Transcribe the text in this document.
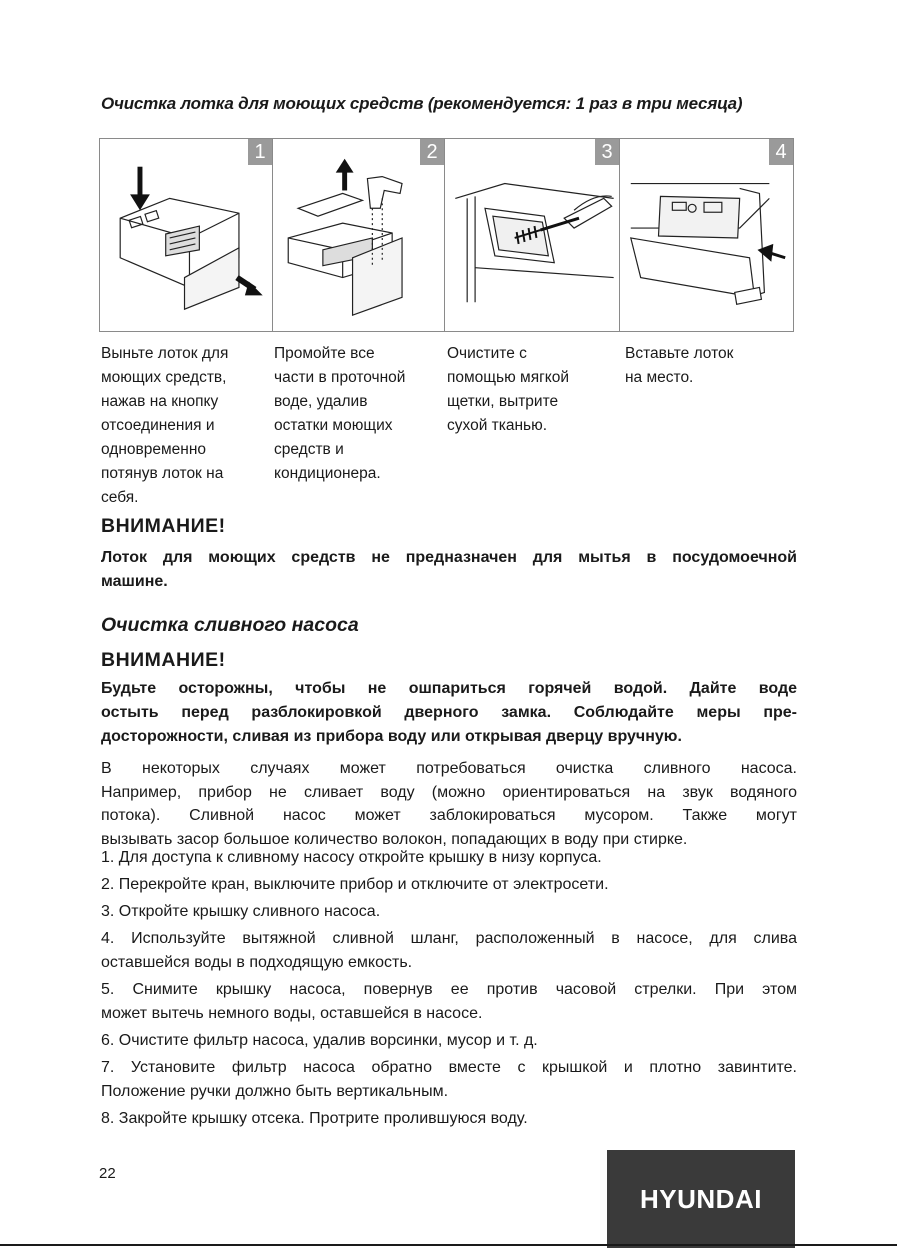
Очистка лотка для моющих средств (рекомендуется: 1 раз в три месяца)
1	2	3	4
Выньте лоток для
моющих средств,
нажав на кнопку
отсоединения и
одновременно
потянув лоток на
себя.
Промойте все
части в проточной
воде, удалив
остатки моющих
средств и
кондиционера.
Очистите с
помощью мягкой
щетки, вытрите
сухой тканью.
Вставьте лоток
на место.
ВНИМАНИЕ!
Лоток для моющих средств не предназначен для мытья в посудомоечной
машине.
Очистка сливного насоса
ВНИМАНИЕ!
Будьте осторожны, чтобы не ошпариться горячей водой. Дайте воде
остыть перед разблокировкой дверного замка. Соблюдайте меры пре-
досторожности, сливая из прибора воду или открывая дверцу вручную.
В некоторых случаях может потребоваться очистка сливного насоса.
Например, прибор не сливает воду (можно ориентироваться на звук водяного
потока). Сливной насос может заблокироваться мусором. Также могут
вызывать засор большое количество волокон, попадающих в воду при стирке.
1. Для доступа к сливному насосу откройте крышку в низу корпуса.
2. Перекройте кран, выключите прибор и отключите от электросети.
3. Откройте крышку сливного насоса.
4. Используйте вытяжной сливной шланг, расположенный в насосе, для слива
оставшейся воды в подходящую емкость.
5. Снимите крышку насоса, повернув ее против часовой стрелки. При этом
может вытечь немного воды, оставшейся в насосе.
6. Очистите фильтр насоса, удалив ворсинки, мусор и т. д.
7. Установите фильтр насоса обратно вместе с крышкой и плотно завинтите.
Положение ручки должно быть вертикальным.
8. Закройте крышку отсека. Протрите пролившуюся воду.
22
HYUNDAI
